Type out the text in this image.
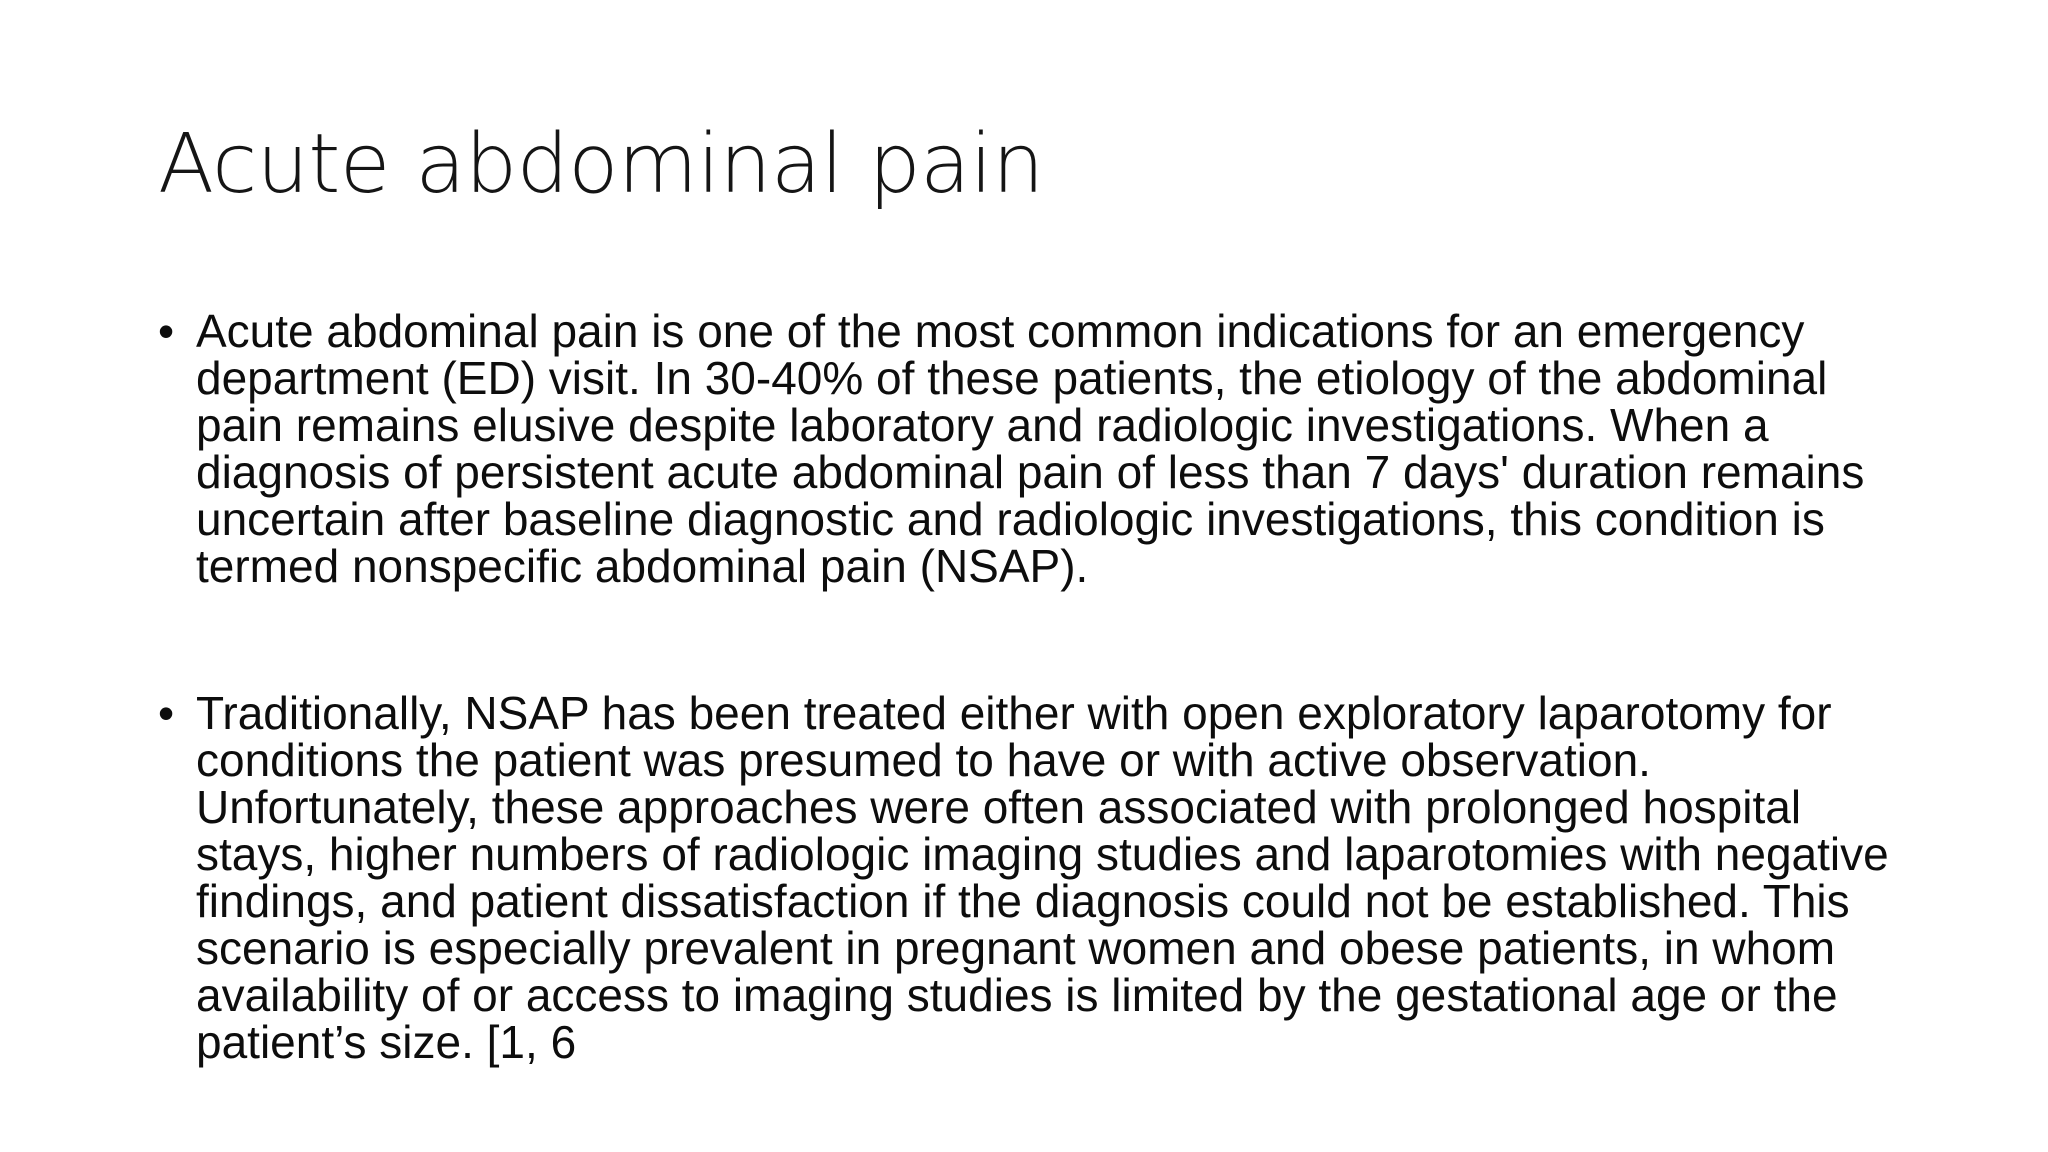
Acute abdominal pain
• Acute abdominal pain is one of the most common indications for an emergency department (ED) visit. In 30-40% of these patients, the etiology of the abdominal pain remains elusive despite laboratory and radiologic investigations. When a diagnosis of persistent acute abdominal pain of less than 7 days' duration remains uncertain after baseline diagnostic and radiologic investigations, this condition is termed nonspecific abdominal pain (NSAP).
• Traditionally, NSAP has been treated either with open exploratory laparotomy for conditions the patient was presumed to have or with active observation. Unfortunately, these approaches were often associated with prolonged hospital stays, higher numbers of radiologic imaging studies and laparotomies with negative findings, and patient dissatisfaction if the diagnosis could not be established. This scenario is especially prevalent in pregnant women and obese patients, in whom availability of or access to imaging studies is limited by the gestational age or the patient’s size. [1, 6
